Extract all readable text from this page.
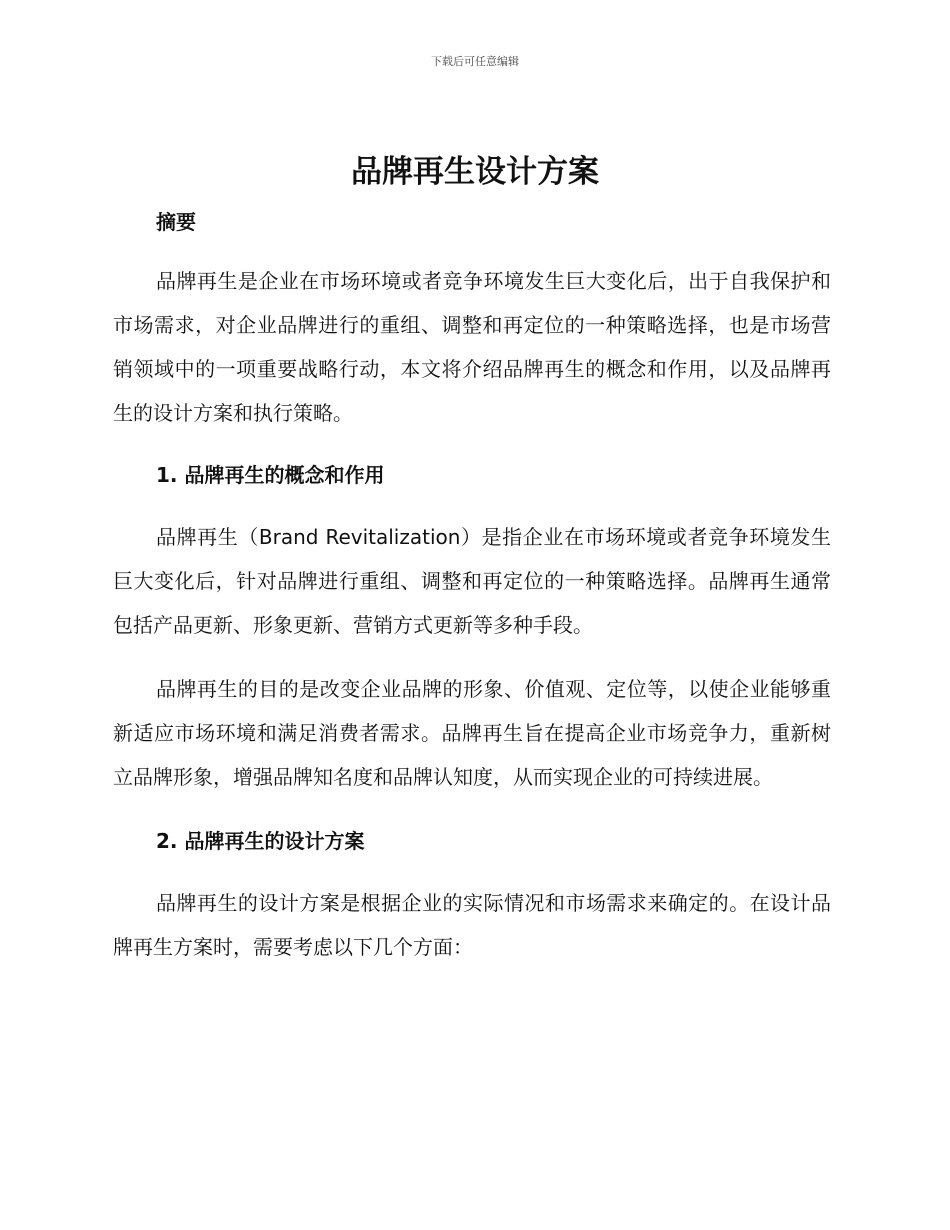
下载后可任意编辑
品牌再生设计方案
摘要

品牌再生是企业在市场环境或者竞争环境发生巨大变化后，出于自我保护和市场需求，对企业品牌进行的重组、调整和再定位的一种策略选择，也是市场营销领域中的一项重要战略行动，本文将介绍品牌再生的概念和作用，以及品牌再生的设计方案和执行策略。

1. 品牌再生的概念和作用

品牌再生（Brand Revitalization）是指企业在市场环境或者竞争环境发生巨大变化后，针对品牌进行重组、调整和再定位的一种策略选择。品牌再生通常包括产品更新、形象更新、营销方式更新等多种手段。

品牌再生的目的是改变企业品牌的形象、价值观、定位等，以使企业能够重新适应市场环境和满足消费者需求。品牌再生旨在提高企业市场竞争力，重新树立品牌形象，增强品牌知名度和品牌认知度，从而实现企业的可持续进展。

2. 品牌再生的设计方案

品牌再生的设计方案是根据企业的实际情况和市场需求来确定的。在设计品牌再生方案时，需要考虑以下几个方面：
